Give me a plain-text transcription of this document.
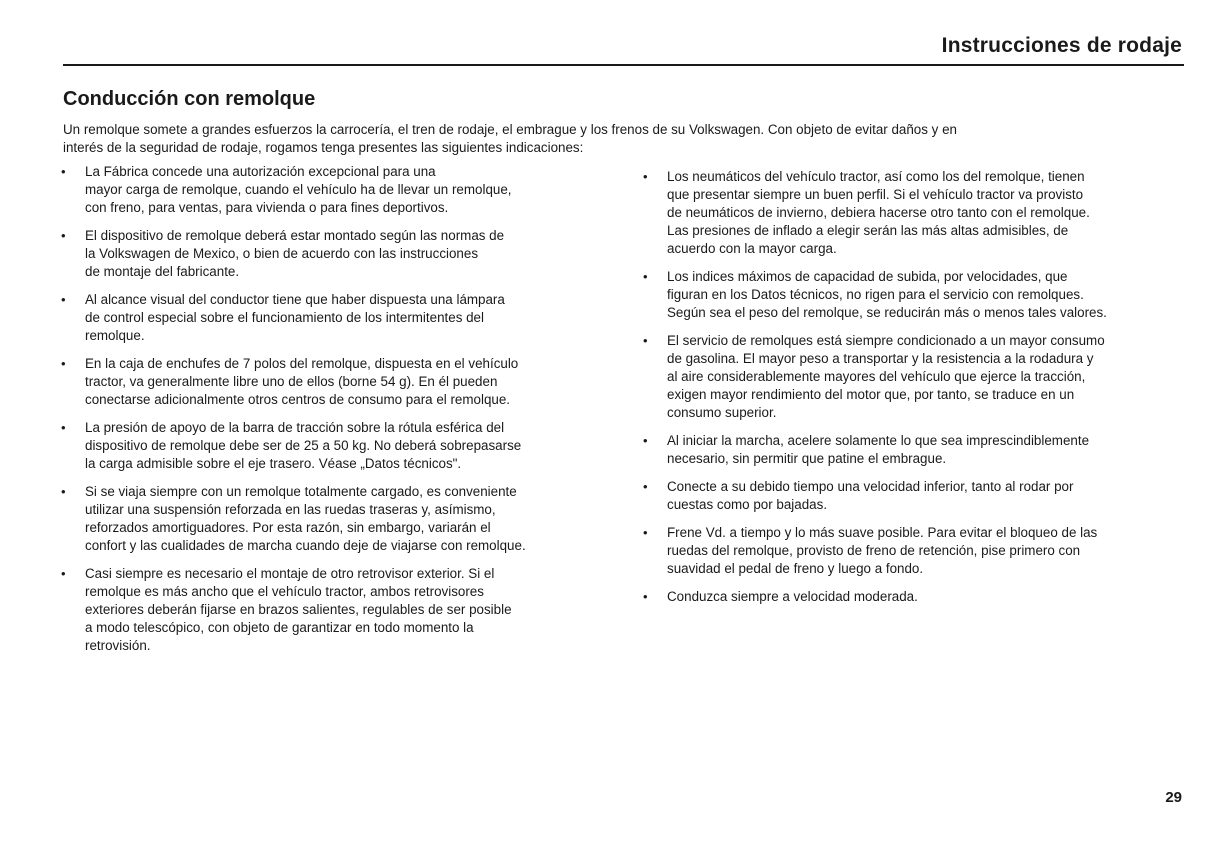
Instrucciones de rodaje
Conducción con remolque

Un remolque somete a grandes esfuerzos la carrocería, el tren de rodaje, el embrague y los frenos de su Volkswagen. Con objeto de evitar daños y en
interés de la seguridad de rodaje, rogamos tenga presentes las siguientes indicaciones:

• La Fábrica concede una autorización excepcional para una
mayor carga de remolque, cuando el vehículo ha de llevar un remolque,
con freno, para ventas, para vivienda o para fines deportivos.
• El dispositivo de remolque deberá estar montado según las normas de
la Volkswagen de Mexico, o bien de acuerdo con las instrucciones
de montaje del fabricante.
• Al alcance visual del conductor tiene que haber dispuesta una lámpara
de control especial sobre el funcionamiento de los intermitentes del
remolque.
• En la caja de enchufes de 7 polos del remolque, dispuesta en el vehículo
tractor, va generalmente libre uno de ellos (borne 54 g). En él pueden
conectarse adicionalmente otros centros de consumo para el remolque.
• La presión de apoyo de la barra de tracción sobre la rótula esférica del
dispositivo de remolque debe ser de 25 a 50 kg. No deberá sobrepasarse
la carga admisible sobre el eje trasero. Véase „Datos técnicos".
• Si se viaja siempre con un remolque totalmente cargado, es conveniente
utilizar una suspensión reforzada en las ruedas traseras y, asímismo,
reforzados amortiguadores. Por esta razón, sin embargo, variarán el
confort y las cualidades de marcha cuando deje de viajarse con remolque.
• Casi siempre es necesario el montaje de otro retrovisor exterior. Si el
remolque es más ancho que el vehículo tractor, ambos retrovisores
exteriores deberán fijarse en brazos salientes, regulables de ser posible
a modo telescópico, con objeto de garantizar en todo momento la
retrovisión.
• Los neumáticos del vehículo tractor, así como los del remolque, tienen
que presentar siempre un buen perfil. Si el vehículo tractor va provisto
de neumáticos de invierno, debiera hacerse otro tanto con el remolque.
Las presiones de inflado a elegir serán las más altas admisibles, de
acuerdo con la mayor carga.
• Los indices máximos de capacidad de subida, por velocidades, que
figuran en los Datos técnicos, no rigen para el servicio con remolques.
Según sea el peso del remolque, se reducirán más o menos tales valores.
• El servicio de remolques está siempre condicionado a un mayor consumo
de gasolina. El mayor peso a transportar y la resistencia a la rodadura y
al aire considerablemente mayores del vehículo que ejerce la tracción,
exigen mayor rendimiento del motor que, por tanto, se traduce en un
consumo superior.
• Al iniciar la marcha, acelere solamente lo que sea imprescindiblemente
necesario, sin permitir que patine el embrague.
• Conecte a su debido tiempo una velocidad inferior, tanto al rodar por
cuestas como por bajadas.
• Frene Vd. a tiempo y lo más suave posible. Para evitar el bloqueo de las
ruedas del remolque, provisto de freno de retención, pise primero con
suavidad el pedal de freno y luego a fondo.
• Conduzca siempre a velocidad moderada.
29
